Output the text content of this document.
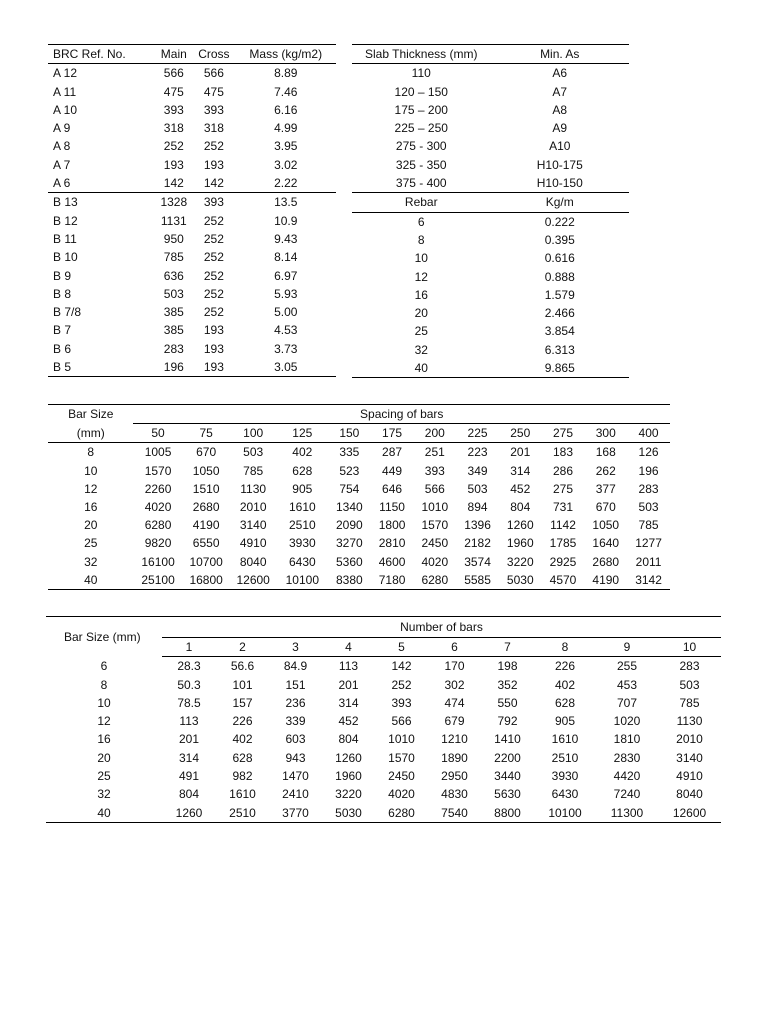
BRC Ref. No.	Main	Cross	Mass (kg/m2)
A 12	566	566	8.89
A 11	475	475	7.46
A 10	393	393	6.16
A 9	318	318	4.99
A 8	252	252	3.95
A 7	193	193	3.02
A 6	142	142	2.22
B 13	1328	393	13.5
B 12	1131	252	10.9
B 11	950	252	9.43
B 10	785	252	8.14
B 9	636	252	6.97
B 8	503	252	5.93
B 7/8	385	252	5.00
B 7	385	193	4.53
B 6	283	193	3.73
B 5	196	193	3.05
Slab Thickness (mm)	Min. As
110	A6
120 – 150	A7
175 – 200	A8
225 – 250	A9
275 - 300	A10
325 - 350	H10-175
375 - 400	H10-150
Rebar	Kg/m
6	0.222
8	0.395
10	0.616
12	0.888
16	1.579
20	2.466
25	3.854
32	6.313
40	9.865
Bar Size	Spacing of bars											
(mm)	50	75	100	125	150	175	200	225	250	275	300	400
8	1005	670	503	402	335	287	251	223	201	183	168	126
10	1570	1050	785	628	523	449	393	349	314	286	262	196
12	2260	1510	1130	905	754	646	566	503	452	275	377	283
16	4020	2680	2010	1610	1340	1150	1010	894	804	731	670	503
20	6280	4190	3140	2510	2090	1800	1570	1396	1260	1142	1050	785
25	9820	6550	4910	3930	3270	2810	2450	2182	1960	1785	1640	1277
32	16100	10700	8040	6430	5360	4600	4020	3574	3220	2925	2680	2011
40	25100	16800	12600	10100	8380	7180	6280	5585	5030	4570	4190	3142
Bar Size (mm)	Number of bars									
	1	2	3	4	5	6	7	8	9	10
6	28.3	56.6	84.9	113	142	170	198	226	255	283
8	50.3	101	151	201	252	302	352	402	453	503
10	78.5	157	236	314	393	474	550	628	707	785
12	113	226	339	452	566	679	792	905	1020	1130
16	201	402	603	804	1010	1210	1410	1610	1810	2010
20	314	628	943	1260	1570	1890	2200	2510	2830	3140
25	491	982	1470	1960	2450	2950	3440	3930	4420	4910
32	804	1610	2410	3220	4020	4830	5630	6430	7240	8040
40	1260	2510	3770	5030	6280	7540	8800	10100	11300	12600
